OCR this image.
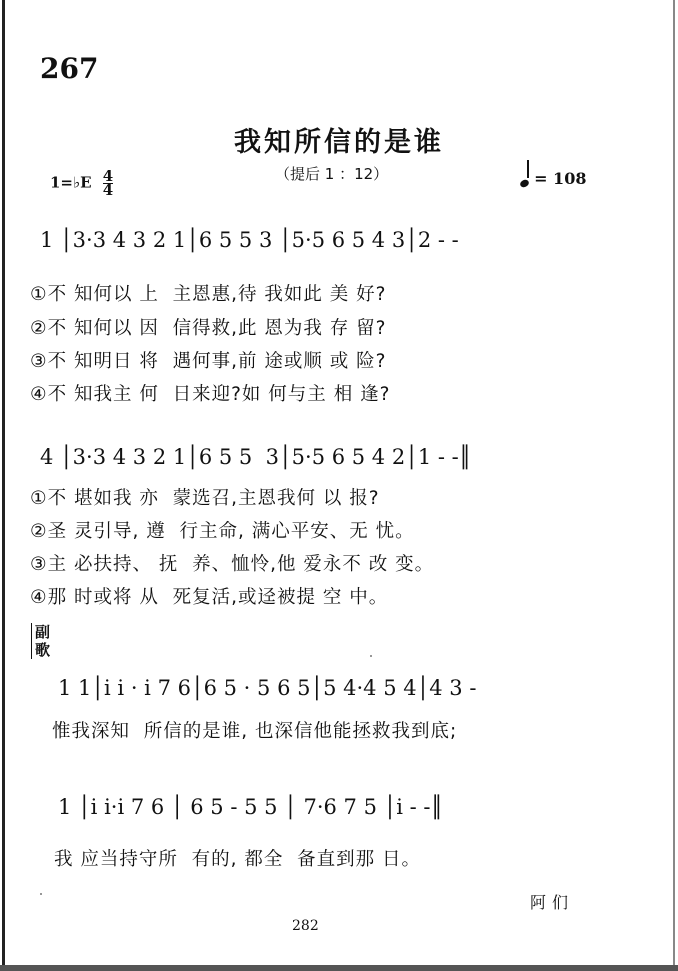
267
我知所信的是谁
1=♭E $\frac{4}{4}$	（提后 1 ：12）	= 108
1 │3·3 4 3 2 1│6 5 5 3 │5·5 6 5 4 3│2 - -
①不 知何以 上  主恩惠,待 我如此 美 好?
②不 知何以 因  信得救,此 恩为我 存 留?
③不 知明日 将  遇何事,前 途或顺 或 险?
④不 知我主 何  日来迎?如 何与主 相 逢?
4 │3·3 4 3 2 1│6 5 5  3│5·5 6 5 4 2│1 - -║
①不 堪如我 亦  蒙选召,主恩我何 以 报?
②圣 灵引导, 遵  行主命, 满心平安、无 忧。
③主 必扶持、 抚  养、恤怜,他 爱永不 改 变。
④那 时或将 从  死复活,或迳被提 空 中。
副歌
1 1│i i · i 7 6│6 5 · 5 6 5│5 4·4 5 4│4 3 -
惟我深知  所信的是谁, 也深信他能拯救我到底;
1 │i i·i 7 6 │ 6 5 - 5 5 │ 7·6 7 5 │i - -║
我 应当持守所  有的, 都全  备直到那 日。
阿们
282
